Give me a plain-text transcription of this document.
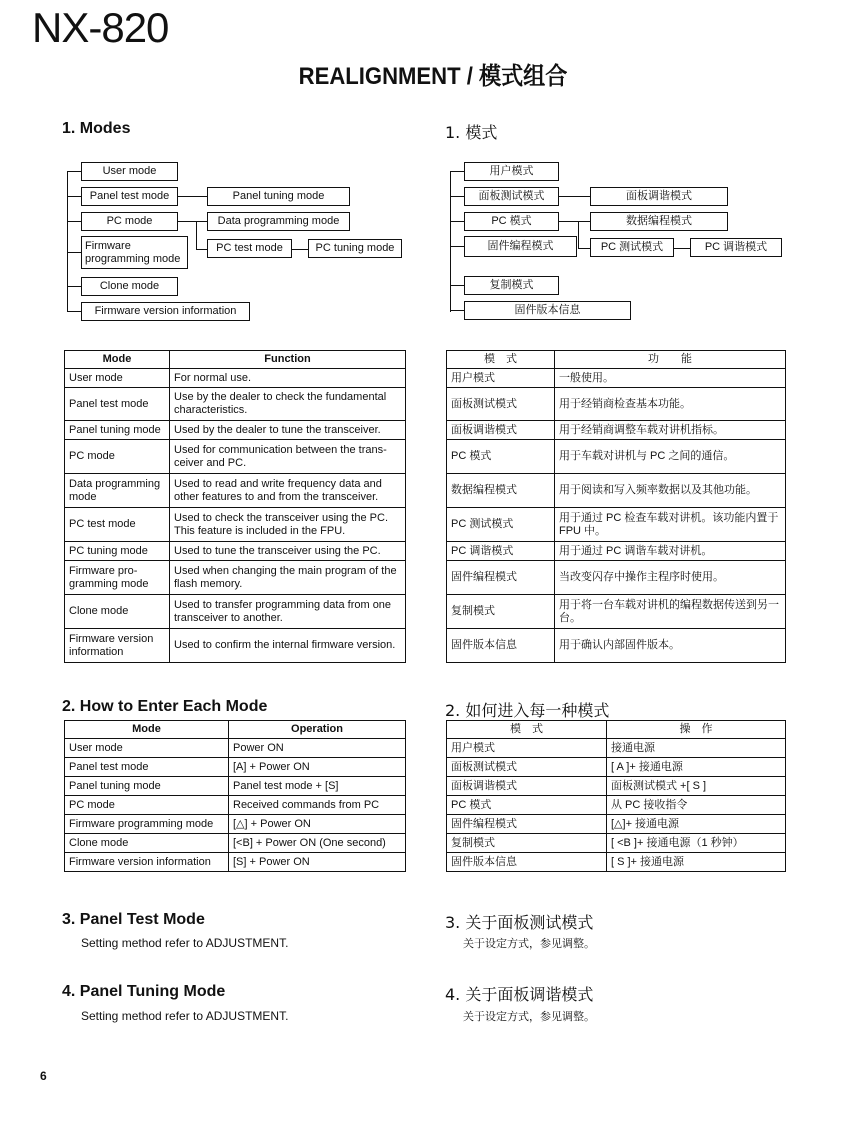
NX-820
REALIGNMENT / 模式组合
1. Modes	1. 模式
User mode
Panel test mode	Panel tuning mode
PC mode	Data programming mode
Firmware programming mode
PC test mode	PC tuning mode
Clone mode
Firmware version information
用户模式
面板测试模式	面板调谐模式
PC 模式	数据编程模式
固件编程模式	PC 测试模式	PC 调谐模式
复制模式
固件版本信息
Mode	Function
User mode	For normal use.
Panel test mode	Use by the dealer to check the fundamental characteristics.
Panel tuning mode	Used by the dealer to tune the transceiver.
PC mode	Used for communication between the trans-ceiver and PC.
Data programming mode	Used to read and write frequency data and other features to and from the transceiver.
PC test mode	Used to check the transceiver using the PC. This feature is included in the FPU.
PC tuning mode	Used to tune the transceiver using the PC.
Firmware pro-gramming mode	Used when changing the main program of the flash memory.
Clone mode	Used to transfer programming data from one transceiver to another.
Firmware version information	Used to confirm the internal firmware version.
模　式	功　　能
用户模式	一般使用。
面板测试模式	用于经销商检查基本功能。
面板调谐模式	用于经销商调整车载对讲机指标。
PC 模式	用于车载对讲机与 PC 之间的通信。
数据编程模式	用于阅读和写入频率数据以及其他功能。
PC 测试模式	用于通过 PC 检查车载对讲机。该功能内置于 FPU 中。
PC 调谐模式	用于通过 PC 调谐车载对讲机。
固件编程模式	当改变闪存中操作主程序时使用。
复制模式	用于将一台车载对讲机的编程数据传送到另一台。
固件版本信息	用于确认内部固件版本。
2. How to Enter Each Mode	2. 如何进入每一种模式
Mode	Operation
User mode	Power ON
Panel test mode	[A] + Power ON
Panel tuning mode	Panel test mode + [S]
PC mode	Received commands from PC
Firmware programming mode	[△] + Power ON
Clone mode	[<B] + Power ON (One second)
Firmware version information	[S] + Power ON
模　式	操　作
用户模式	接通电源
面板测试模式	[ A ]+ 接通电源
面板调谐模式	面板测试模式 +[ S ]
PC 模式	从 PC 接收指令
固件编程模式	[△]+ 接通电源
复制模式	[ <B ]+ 接通电源（1 秒钟）
固件版本信息	[ S ]+ 接通电源
3. Panel Test Mode
Setting method refer to ADJUSTMENT.
3. 关于面板测试模式
关于设定方式，参见调整。
4. Panel Tuning Mode
Setting method refer to ADJUSTMENT.
4. 关于面板调谐模式
关于设定方式，参见调整。
6
